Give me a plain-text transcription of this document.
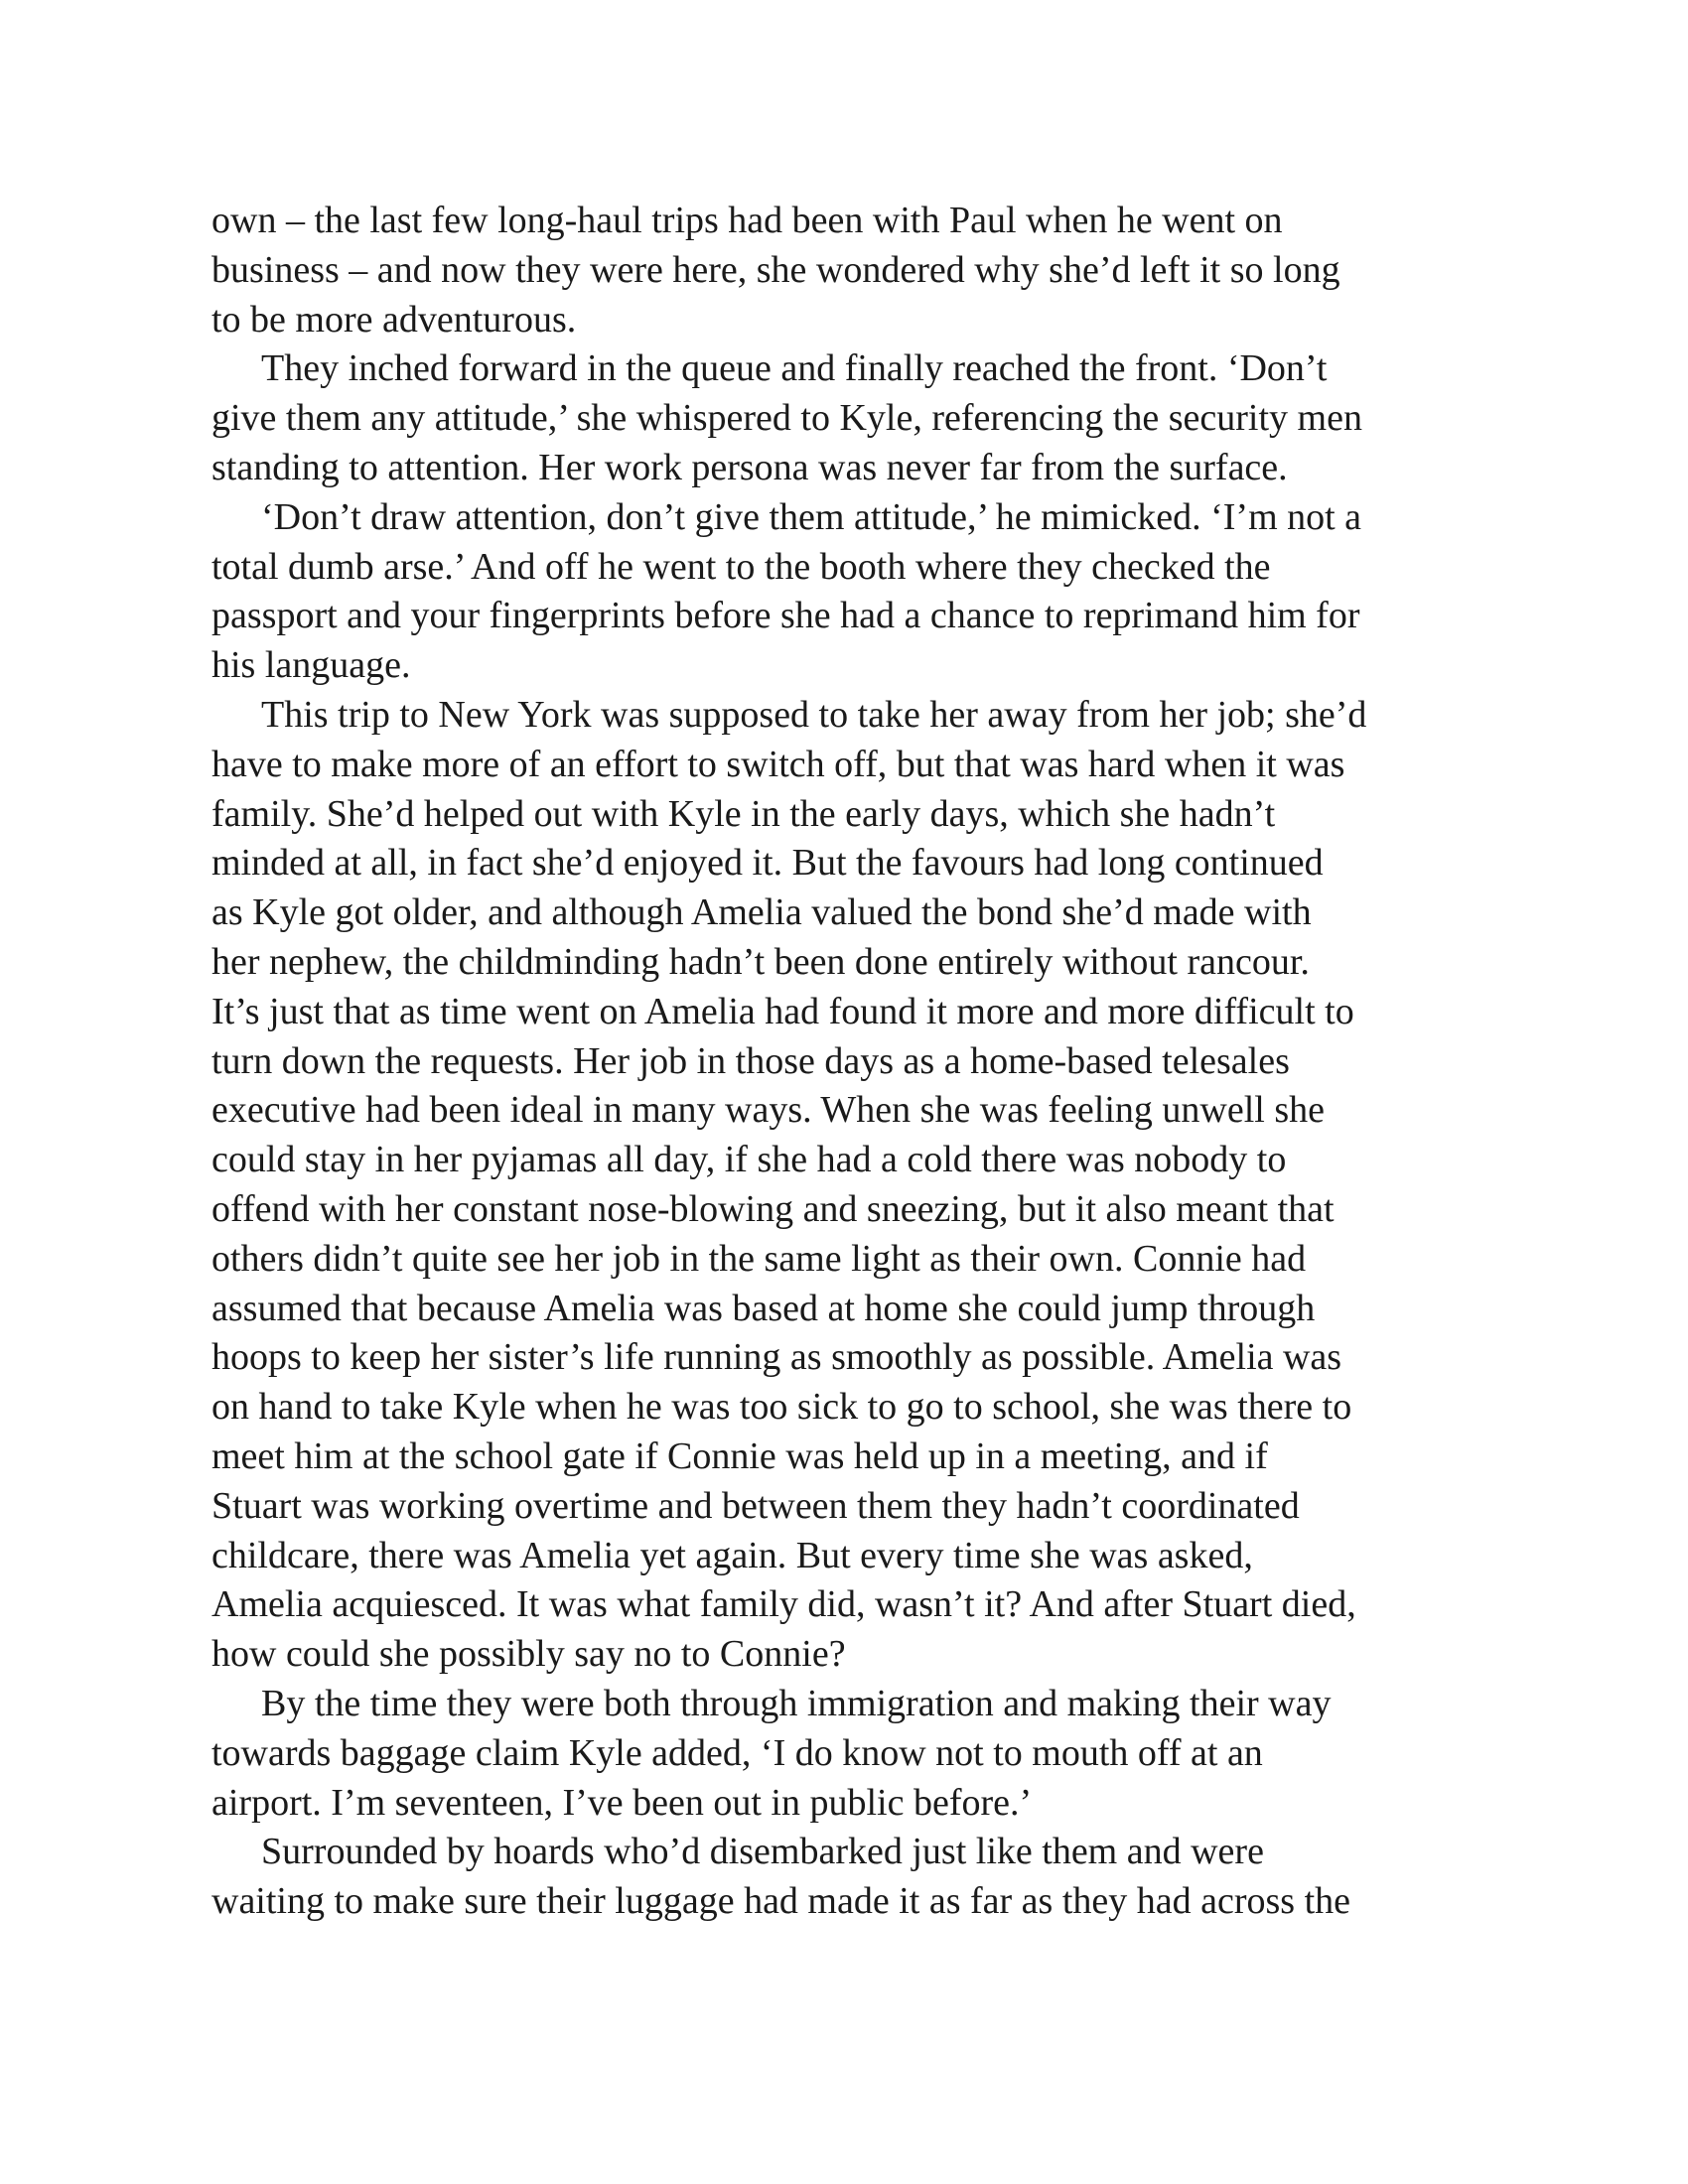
own – the last few long-haul trips had been with Paul when he went on
business – and now they were here, she wondered why she’d left it so long
to be more adventurous.
They inched forward in the queue and finally reached the front. ‘Don’t
give them any attitude,’ she whispered to Kyle, referencing the security men
standing to attention. Her work persona was never far from the surface.
‘Don’t draw attention, don’t give them attitude,’ he mimicked. ‘I’m not a
total dumb arse.’ And off he went to the booth where they checked the
passport and your fingerprints before she had a chance to reprimand him for
his language.
This trip to New York was supposed to take her away from her job; she’d
have to make more of an effort to switch off, but that was hard when it was
family. She’d helped out with Kyle in the early days, which she hadn’t
minded at all, in fact she’d enjoyed it. But the favours had long continued
as Kyle got older, and although Amelia valued the bond she’d made with
her nephew, the childminding hadn’t been done entirely without rancour.
It’s just that as time went on Amelia had found it more and more difficult to
turn down the requests. Her job in those days as a home-based telesales
executive had been ideal in many ways. When she was feeling unwell she
could stay in her pyjamas all day, if she had a cold there was nobody to
offend with her constant nose-blowing and sneezing, but it also meant that
others didn’t quite see her job in the same light as their own. Connie had
assumed that because Amelia was based at home she could jump through
hoops to keep her sister’s life running as smoothly as possible. Amelia was
on hand to take Kyle when he was too sick to go to school, she was there to
meet him at the school gate if Connie was held up in a meeting, and if
Stuart was working overtime and between them they hadn’t coordinated
childcare, there was Amelia yet again. But every time she was asked,
Amelia acquiesced. It was what family did, wasn’t it? And after Stuart died,
how could she possibly say no to Connie?
By the time they were both through immigration and making their way
towards baggage claim Kyle added, ‘I do know not to mouth off at an
airport. I’m seventeen, I’ve been out in public before.’
Surrounded by hoards who’d disembarked just like them and were
waiting to make sure their luggage had made it as far as they had across the
